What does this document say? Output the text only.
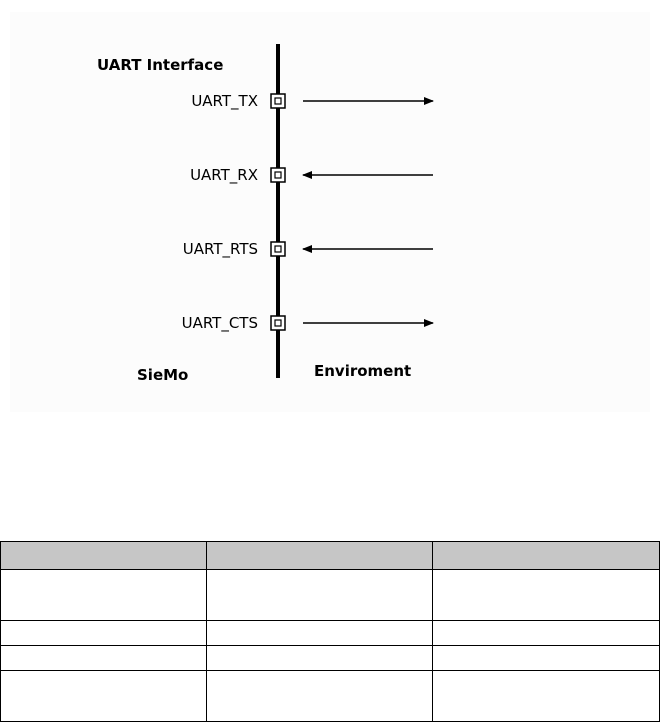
UART Interface
UART_TX
UART_RX
UART_RTS
UART_CTS
SieMo	Enviroment
